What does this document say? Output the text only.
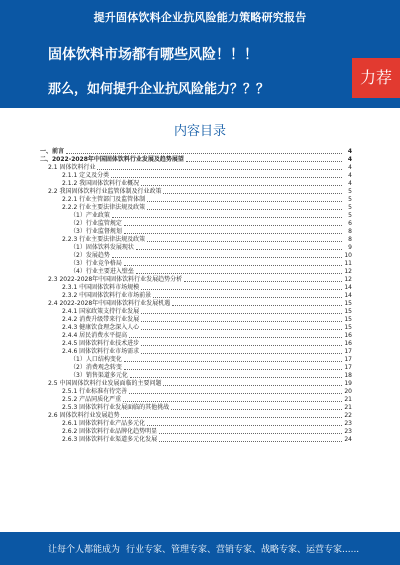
提升固体饮料企业抗风险能力策略研究报告
固体饮料市场都有哪些风险！！！
那么，如何提升企业抗风险能力？？？
力荐
内容目录
一、前言	4
二、2022-2028年中国固体饮料行业发展及趋势展望	4
2.1 固体饮料行业	4
2.1.1 定义及分类	4
2.1.2 我国固体饮料行业概况	4
2.2 我国固体饮料行业监管体制及行业政策	5
2.2.1 行业主管部门及监管体制	5
2.2.2 行业主要法律法规及政策	5
（1）产业政策	5
（2）行业监管规定	6
（3）行业监督规划	8
2.2.3 行业主要法律法规及政策	8
（1）固体饮料发展现状	9
（2）发展趋势	10
（3）行业竞争格局	11
（4）行业主要进入壁垒	12
2.3 2022-2028年中国固体饮料行业发展趋势分析	12
2.3.1 中国固体饮料市场规模	14
2.3.2 中国固体饮料行业市场前景	14
2.4 2022-2028年中国固体饮料行业发展机遇	15
2.4.1 国家政策支持行业发展	15
2.4.2 消费升级带来行业发展	15
2.4.3 健康饮食理念深入人心	15
2.4.4 居民消费水平提高	16
2.4.5 固体饮料行业技术进步	16
2.4.6 固体饮料行业市场需求	17
（1）人口结构变化	17
（2）消费观念转变	17
（3）销售渠道多元化	18
2.5 中国固体饮料行业发展面临的主要问题	19
2.5.1 行业标准有待完善	20
2.5.2 产品同质化严重	21
2.5.3 固体饮料行业发展面临的其他挑战	21
2.6 固体饮料行业发展趋势	22
2.6.1 固体饮料行业产品多元化	23
2.6.2 固体饮料行业品牌化趋势明显	23
2.6.3 固体饮料行业渠道多元化发展	24
让每个人都能成为 行业专家、管理专家、营销专家、战略专家、运营专家......
